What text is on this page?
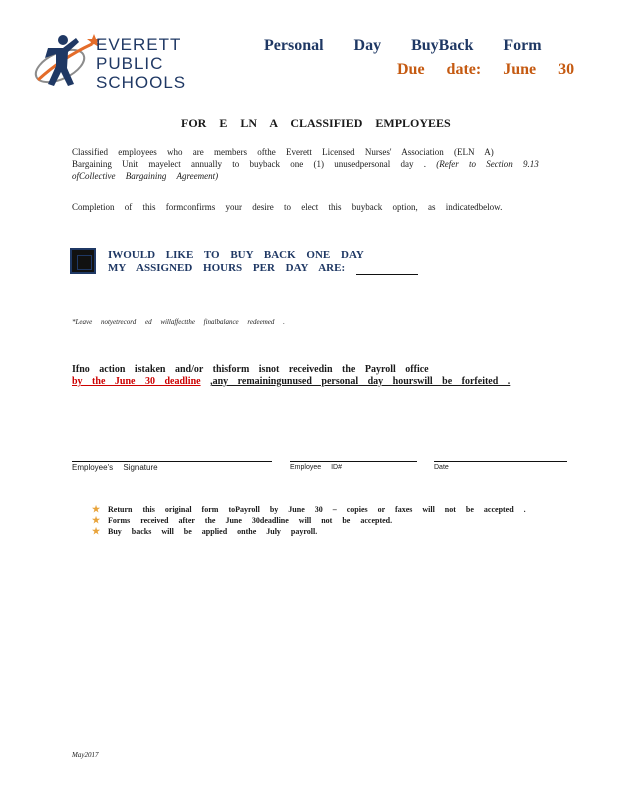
EVERETT
PUBLIC
SCHOOLS
Personal Day BuyBack Form
Due date: June 30
FOR E LN A CLASSIFIED EMPLOYEES
Classified employees who are members ofthe Everett Licensed Nurses' Association (ELN A)
Bargaining Unit mayelect annually to buyback one (1) unusedpersonal day . (Refer to Section 9.13
ofCollective Bargaining Agreement)
Completion of this formconfirms your desire to elect this buyback option, as indicatedbelow.
IWOULD LIKE TO BUY BACK ONE DAY
MY ASSIGNED HOURS PER DAY ARE:
*Leave notyetrecord ed willaffectthe finalbalance redeemed .
Ifno action istaken and/or thisform isnot receivedin the Payroll office
by the June 30 deadline ,any remainingunused personal day hourswill be forfeited .
Employee's Signature	Employee ID#	Date
★ Return this original form toPayroll by June 30 – copies or faxes will not be accepted .
★ Forms received after the June 30deadline will not be accepted.
★ Buy backs will be applied onthe July payroll.
May2017
